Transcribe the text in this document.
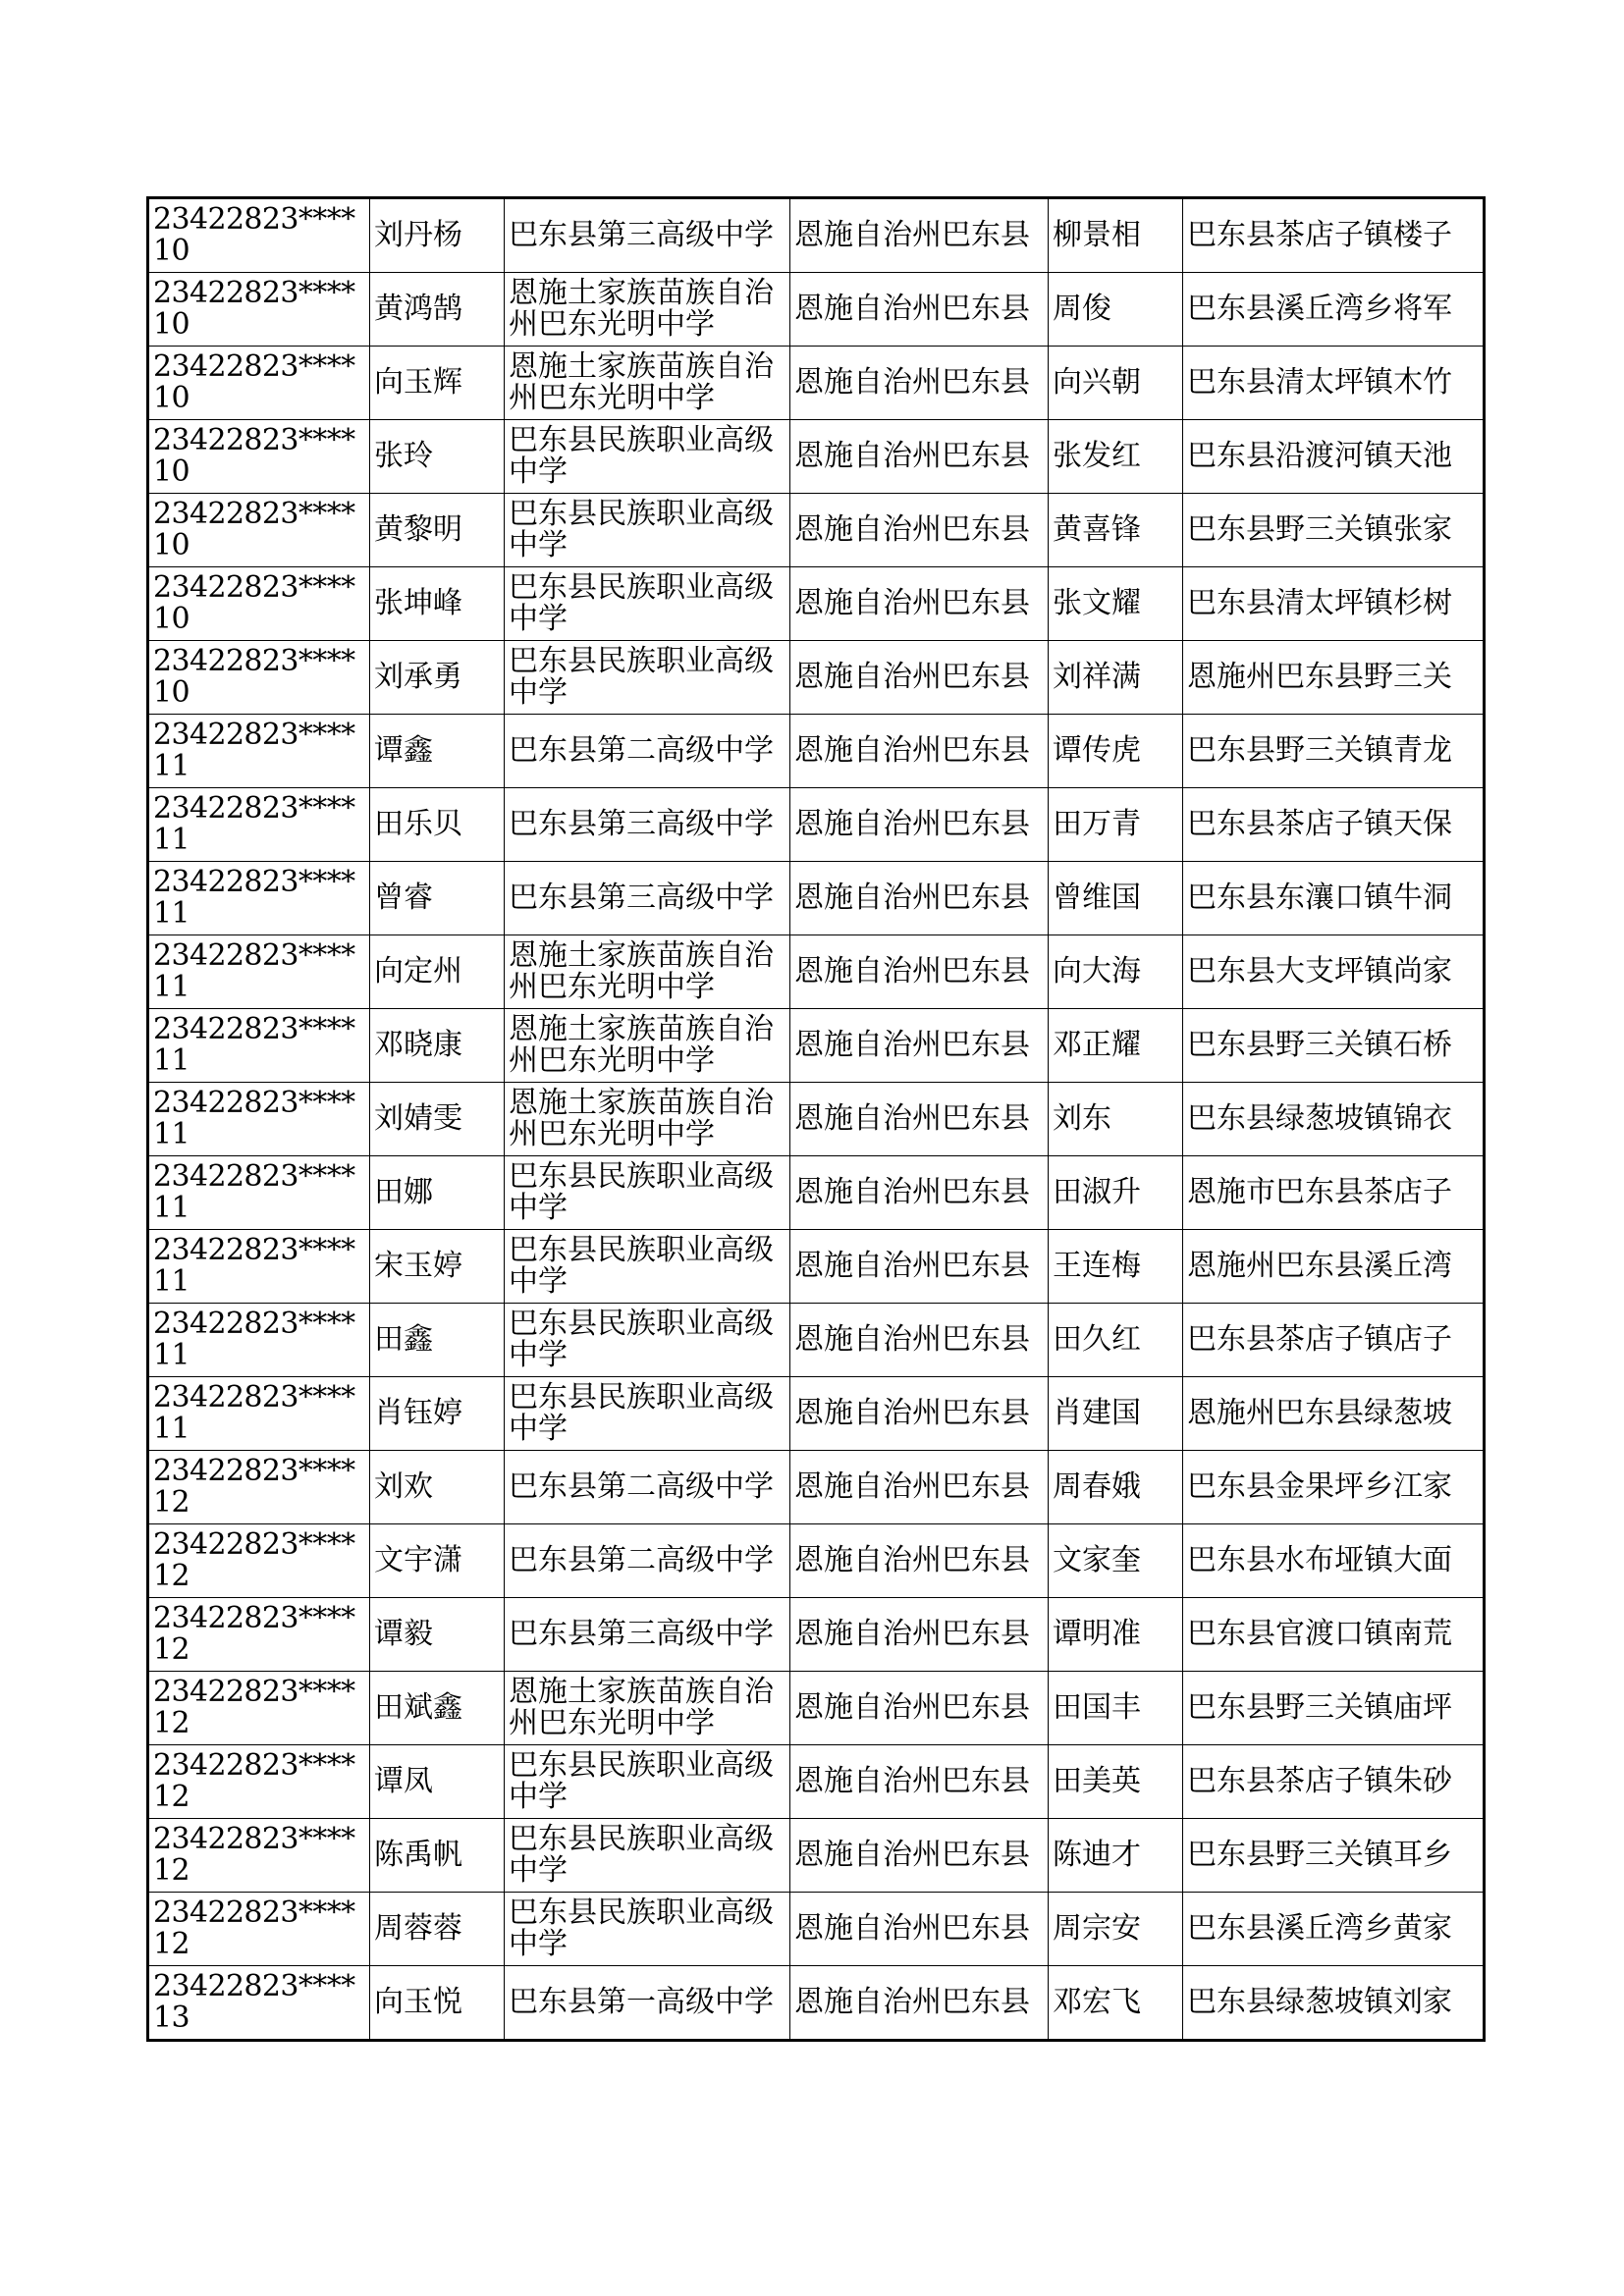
23422823****10	刘丹杨	巴东县第三高级中学	恩施自治州巴东县	柳景相	巴东县茶店子镇楼子
23422823****10	黄鸿鹄	恩施土家族苗族自治州巴东光明中学	恩施自治州巴东县	周俊	巴东县溪丘湾乡将军
23422823****10	向玉辉	恩施土家族苗族自治州巴东光明中学	恩施自治州巴东县	向兴朝	巴东县清太坪镇木竹
23422823****10	张玲	巴东县民族职业高级中学	恩施自治州巴东县	张发红	巴东县沿渡河镇天池
23422823****10	黄黎明	巴东县民族职业高级中学	恩施自治州巴东县	黄喜锋	巴东县野三关镇张家
23422823****10	张坤峰	巴东县民族职业高级中学	恩施自治州巴东县	张文耀	巴东县清太坪镇杉树
23422823****10	刘承勇	巴东县民族职业高级中学	恩施自治州巴东县	刘祥满	恩施州巴东县野三关
23422823****11	谭鑫	巴东县第二高级中学	恩施自治州巴东县	谭传虎	巴东县野三关镇青龙
23422823****11	田乐贝	巴东县第三高级中学	恩施自治州巴东县	田万青	巴东县茶店子镇天保
23422823****11	曾睿	巴东县第三高级中学	恩施自治州巴东县	曾维国	巴东县东瀼口镇牛洞
23422823****11	向定州	恩施土家族苗族自治州巴东光明中学	恩施自治州巴东县	向大海	巴东县大支坪镇尚家
23422823****11	邓晓康	恩施土家族苗族自治州巴东光明中学	恩施自治州巴东县	邓正耀	巴东县野三关镇石桥
23422823****11	刘婧雯	恩施土家族苗族自治州巴东光明中学	恩施自治州巴东县	刘东	巴东县绿葱坡镇锦衣
23422823****11	田娜	巴东县民族职业高级中学	恩施自治州巴东县	田淑升	恩施市巴东县茶店子
23422823****11	宋玉婷	巴东县民族职业高级中学	恩施自治州巴东县	王连梅	恩施州巴东县溪丘湾
23422823****11	田鑫	巴东县民族职业高级中学	恩施自治州巴东县	田久红	巴东县茶店子镇店子
23422823****11	肖钰婷	巴东县民族职业高级中学	恩施自治州巴东县	肖建国	恩施州巴东县绿葱坡
23422823****12	刘欢	巴东县第二高级中学	恩施自治州巴东县	周春娥	巴东县金果坪乡江家
23422823****12	文宇潇	巴东县第二高级中学	恩施自治州巴东县	文家奎	巴东县水布垭镇大面
23422823****12	谭毅	巴东县第三高级中学	恩施自治州巴东县	谭明准	巴东县官渡口镇南荒
23422823****12	田斌鑫	恩施土家族苗族自治州巴东光明中学	恩施自治州巴东县	田国丰	巴东县野三关镇庙坪
23422823****12	谭凤	巴东县民族职业高级中学	恩施自治州巴东县	田美英	巴东县茶店子镇朱砂
23422823****12	陈禹帆	巴东县民族职业高级中学	恩施自治州巴东县	陈迪才	巴东县野三关镇耳乡
23422823****12	周蓉蓉	巴东县民族职业高级中学	恩施自治州巴东县	周宗安	巴东县溪丘湾乡黄家
23422823****13	向玉悦	巴东县第一高级中学	恩施自治州巴东县	邓宏飞	巴东县绿葱坡镇刘家
